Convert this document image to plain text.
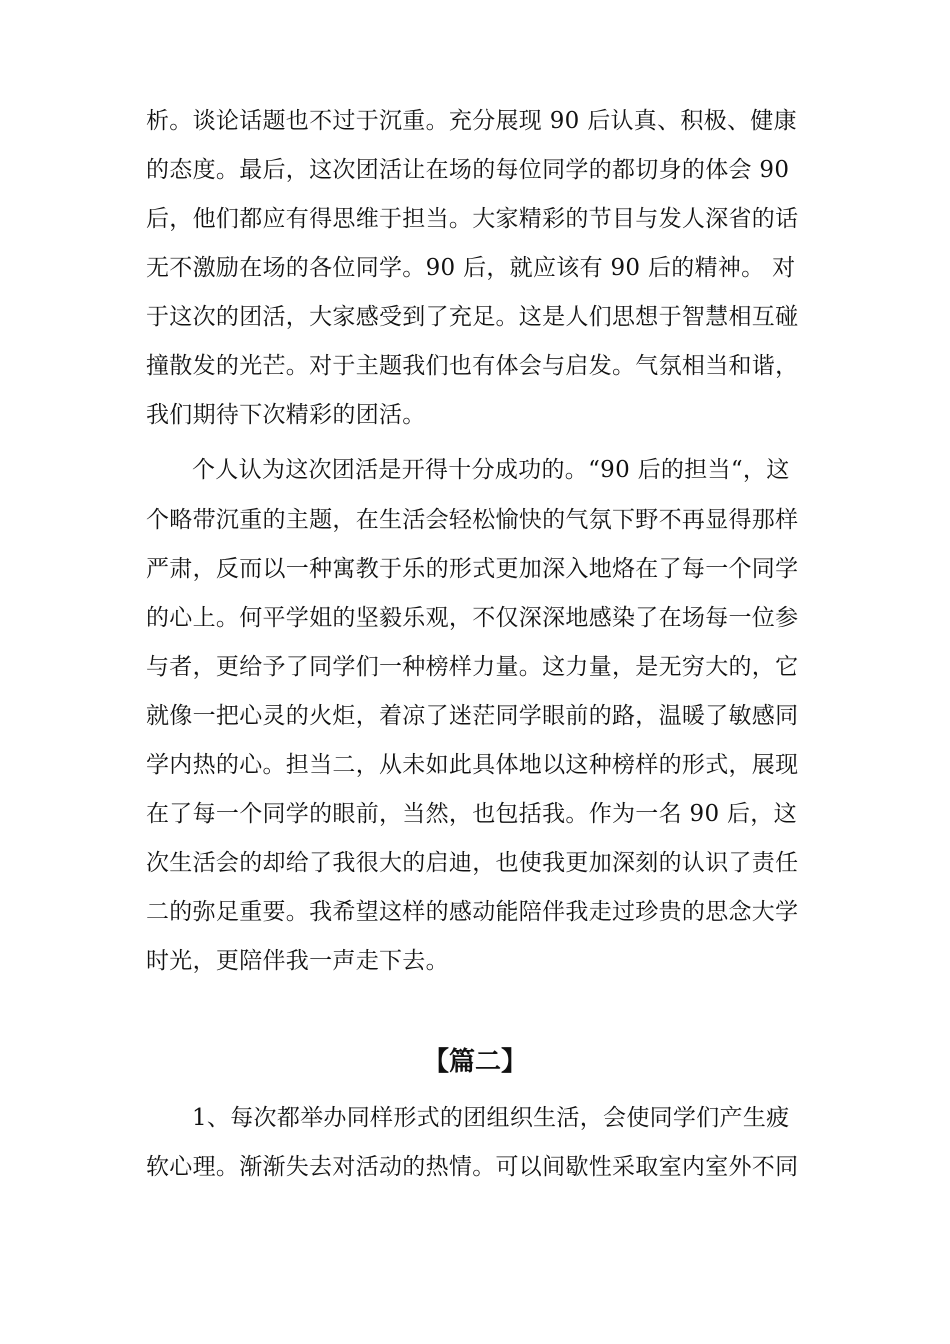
析。谈论话题也不过于沉重。充分展现 90 后认真、积极、健康
的态度。最后，这次团活让在场的每位同学的都切身的体会 90
后，他们都应有得思维于担当。大家精彩的节目与发人深省的话
无不激励在场的各位同学。90 后，就应该有 90 后的精神。 对
于这次的团活，大家感受到了充足。这是人们思想于智慧相互碰
撞散发的光芒。对于主题我们也有体会与启发。气氛相当和谐，
我们期待下次精彩的团活。
个人认为这次团活是开得十分成功的。“90 后的担当“，这
个略带沉重的主题，在生活会轻松愉快的气氛下野不再显得那样
严肃，反而以一种寓教于乐的形式更加深入地烙在了每一个同学
的心上。何平学姐的坚毅乐观，不仅深深地感染了在场每一位参
与者，更给予了同学们一种榜样力量。这力量，是无穷大的，它
就像一把心灵的火炬，着凉了迷茫同学眼前的路，温暖了敏感同
学内热的心。担当二，从未如此具体地以这种榜样的形式，展现
在了每一个同学的眼前，当然，也包括我。作为一名 90 后，这
次生活会的却给了我很大的启迪，也使我更加深刻的认识了责任
二的弥足重要。我希望这样的感动能陪伴我走过珍贵的思念大学
时光，更陪伴我一声走下去。
【篇二】
1、每次都举办同样形式的团组织生活，会使同学们产生疲
软心理。渐渐失去对活动的热情。可以间歇性采取室内室外不同
